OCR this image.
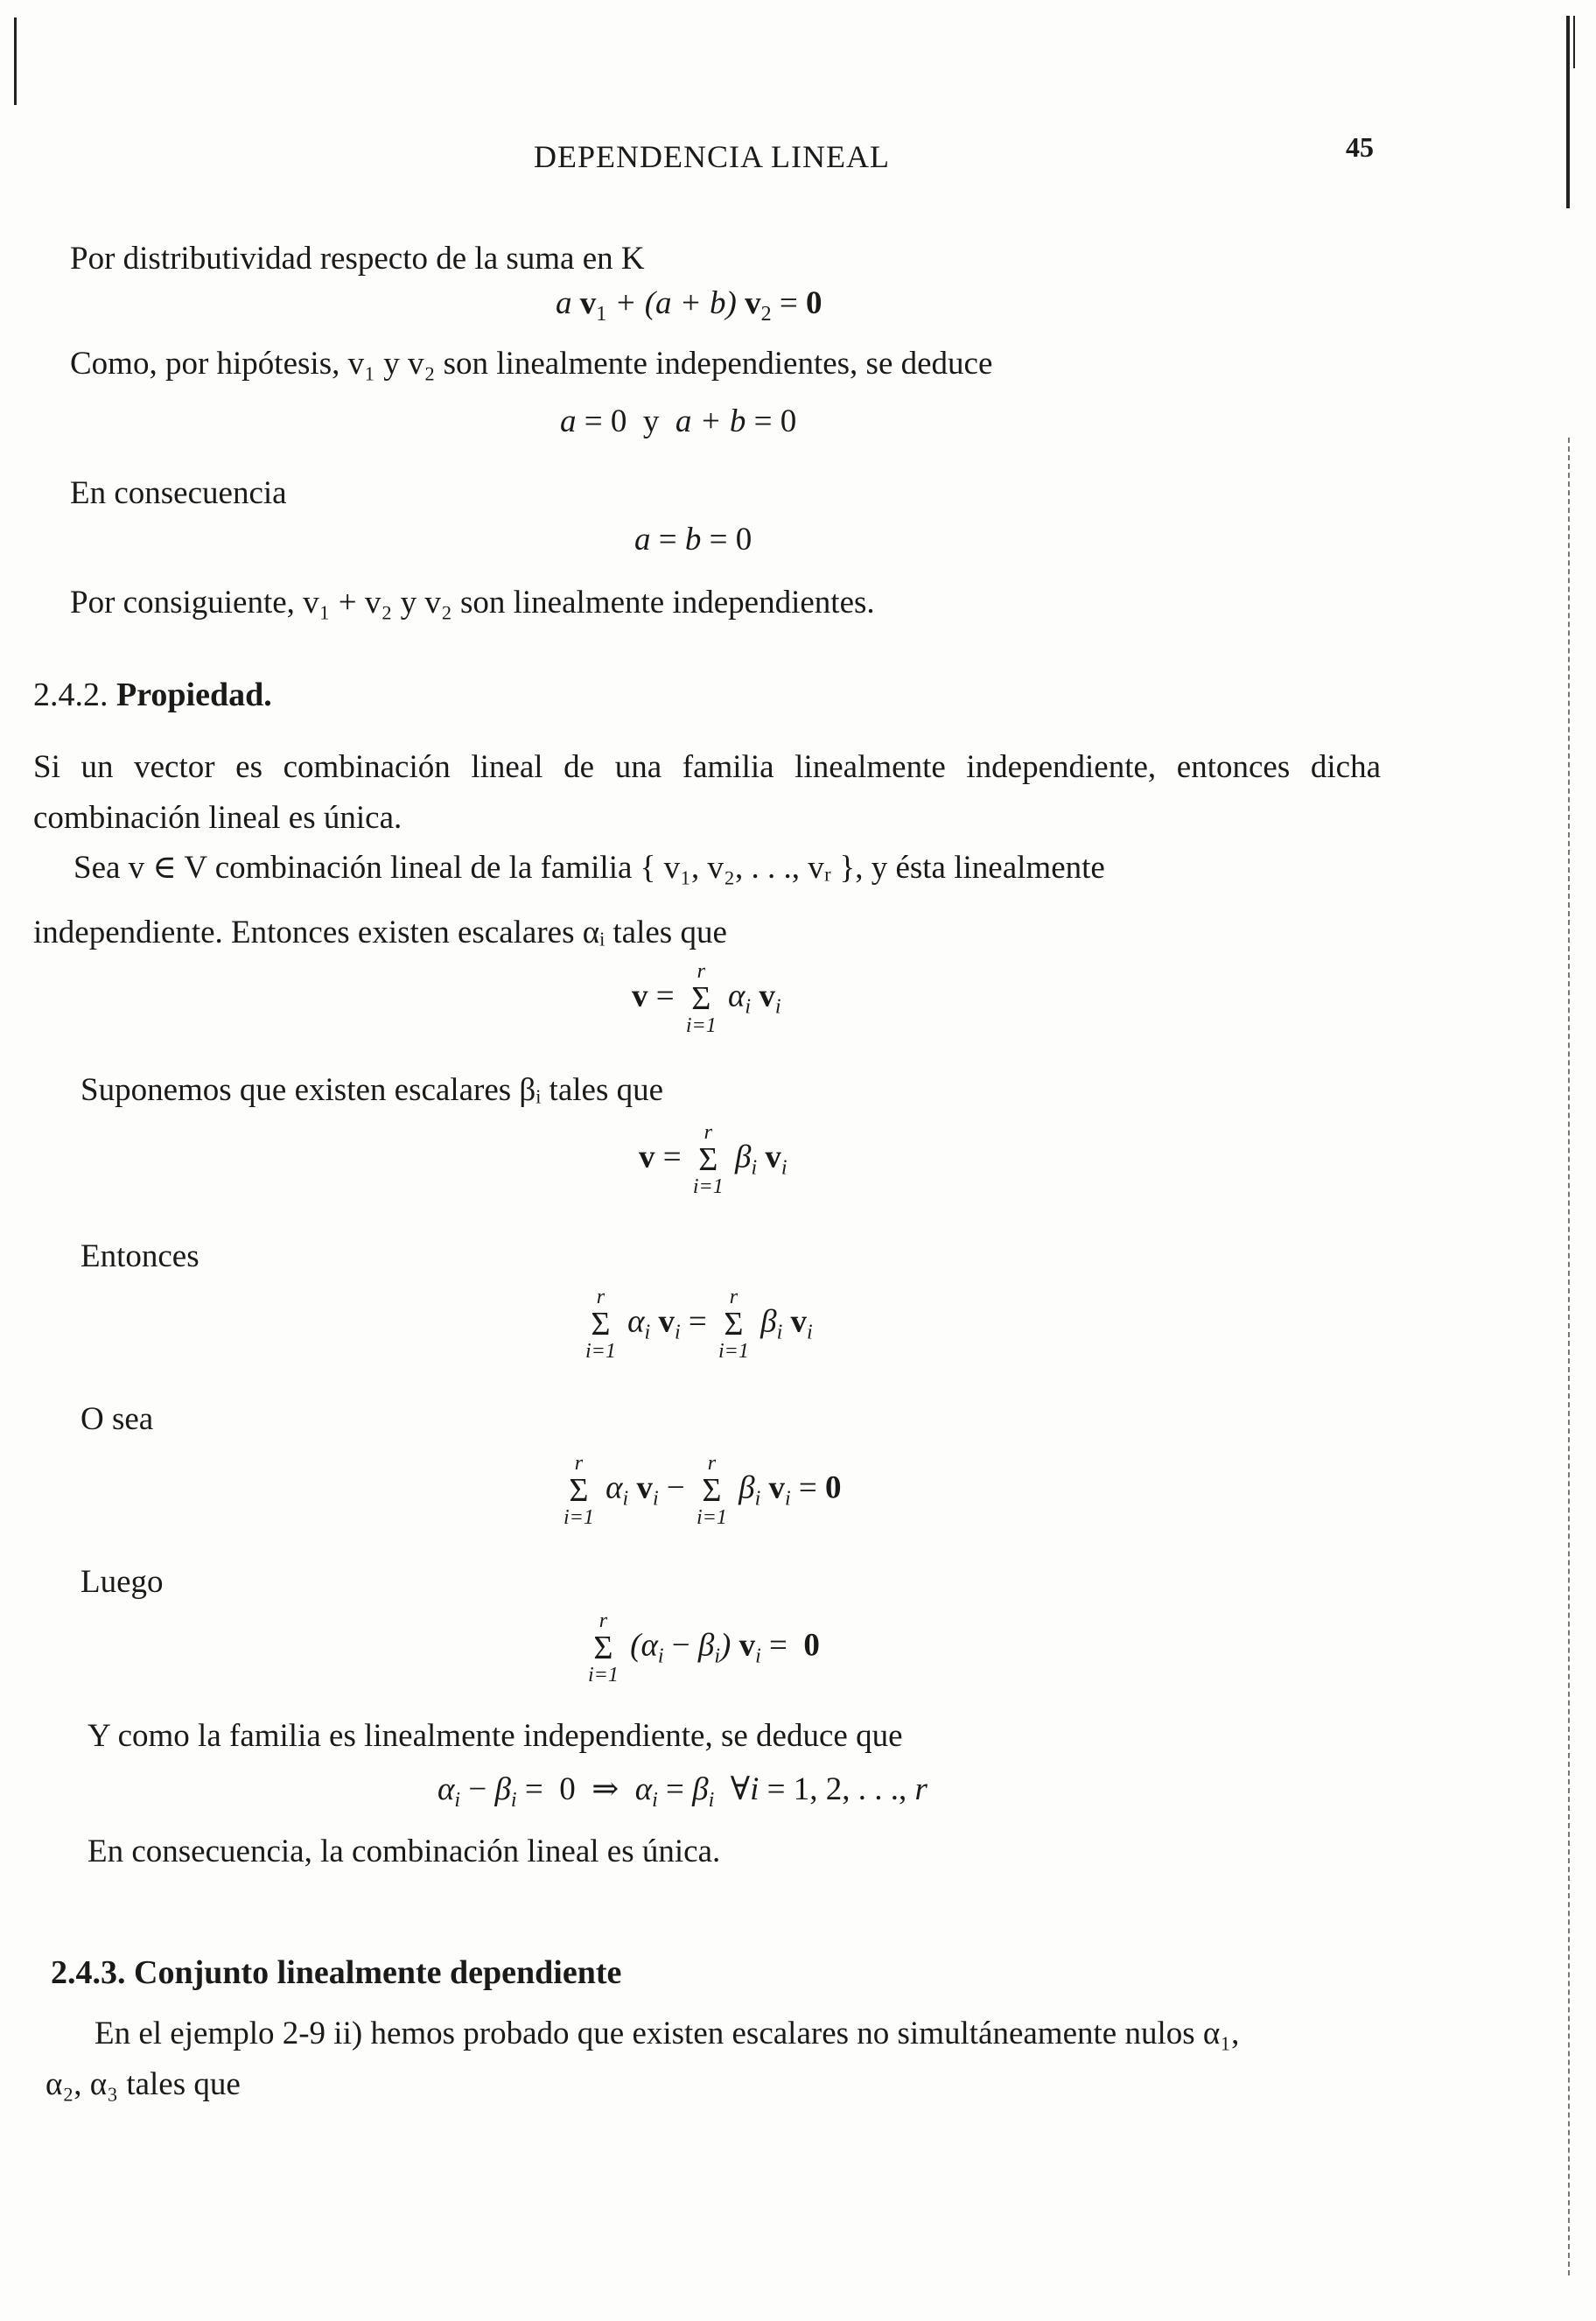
DEPENDENCIA LINEAL	45
Por distributividad respecto de la suma en K
a $v_1 + (a + b) v_2 = 0$
Como, por hipótesis, v₁ y v₂ son linealmente independientes, se deduce
a = 0  y  a + b = 0
En consecuencia
a = b = 0
Por consiguiente, v₁ + v₂ y v₂ son linealmente independientes.
2.4.2. Propiedad.
Si un vector es combinación lineal de una familia linealmente independiente, entonces dicha combinación lineal es única.
Sea v ∈ V combinación lineal de la familia { v₁, v₂, . . ., vᵣ }, y ésta linealmente
independiente. Entonces existen escalares αᵢ tales que
v =
r
Σ
i=1
$\alpha_i$ $v_i$
Suponemos que existen escalares βᵢ tales que
v =
r
Σ
i=1
$\beta_i$ $v_i$
Entonces
r
Σ
i=1
$\alpha_i$ $v_i$ =
r
Σ
i=1
$\beta_i$ $v_i$
O sea
r
Σ
i=1
$\alpha_i$ $v_i$ −
r
Σ
i=1
$\beta_i$ $v_i = 0$
Luego
r
Σ
i=1
$(\alpha_i - \beta_i) v_i = 0$
Y como la familia es linealmente independiente, se deduce que
$\alpha_i - \beta_i = 0$  ⇒  $\alpha_i = \beta_i$ ∀i = 1, 2, . . ., r
En consecuencia, la combinación lineal es única.
2.4.3. Conjunto linealmente dependiente
En el ejemplo 2-9 ii) hemos probado que existen escalares no simultáneamente nulos α₁,
α₂, α₃ tales que
